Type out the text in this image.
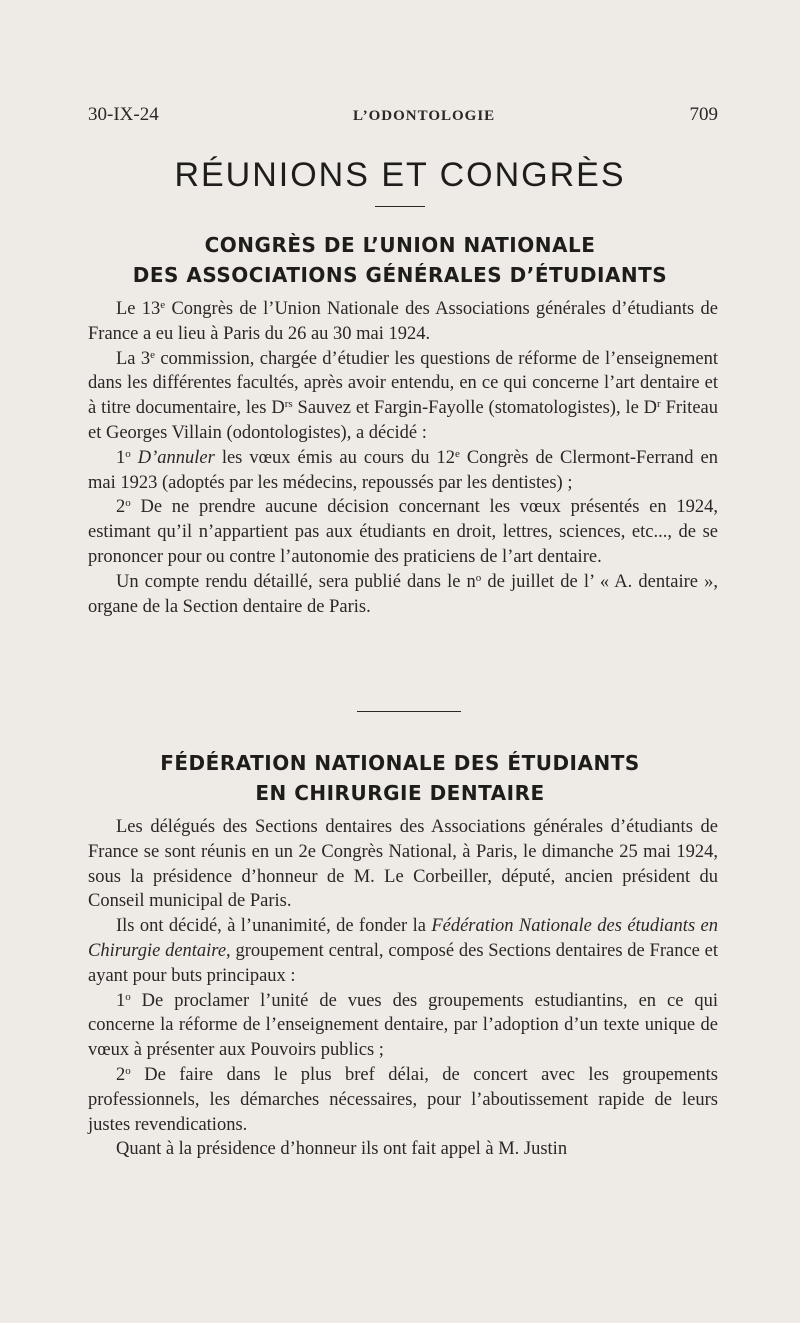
30-IX-24	L’ODONTOLOGIE	709
RÉUNIONS ET CONGRÈS
CONGRÈS DE L’UNION NATIONALE
DES ASSOCIATIONS GÉNÉRALES D’ÉTUDIANTS

Le 13e Congrès de l’Union Nationale des Associations générales d’étudiants de France a eu lieu à Paris du 26 au 30 mai 1924.

La 3e commission, chargée d’étudier les questions de réforme de l’enseignement dans les différentes facultés, après avoir entendu, en ce qui concerne l’art dentaire et à titre documentaire, les $D^{rs}$ Sauvez et Fargin-Fayolle (stomatologistes), le $D^r$ Friteau et Georges Villain (odontologistes), a décidé :

1$^o$ D’annuler les vœux émis au cours du 12e Congrès de Clermont-Ferrand en mai 1923 (adoptés par les médecins, repoussés par les dentistes) ;

2$^o$ De ne prendre aucune décision concernant les vœux présentés en 1924, estimant qu’il n’appartient pas aux étudiants en droit, lettres, sciences, etc..., de se prononcer pour ou contre l’autonomie des praticiens de l’art dentaire.

Un compte rendu détaillé, sera publié dans le $n^o$ de juillet de l’ « A. dentaire », organe de la Section dentaire de Paris.

FÉDÉRATION NATIONALE DES ÉTUDIANTS
EN CHIRURGIE DENTAIRE

Les délégués des Sections dentaires des Associations générales d’étudiants de France se sont réunis en un 2e Congrès National, à Paris, le dimanche 25 mai 1924, sous la présidence d’honneur de M. Le Corbeiller, député, ancien président du Conseil municipal de Paris.

Ils ont décidé, à l’unanimité, de fonder la Fédération Nationale des étudiants en Chirurgie dentaire, groupement central, composé des Sections dentaires de France et ayant pour buts principaux :

1$^o$ De proclamer l’unité de vues des groupements estudiantins, en ce qui concerne la réforme de l’enseignement dentaire, par l’adoption d’un texte unique de vœux à présenter aux Pouvoirs publics ;

2$^o$ De faire dans le plus bref délai, de concert avec les groupements professionnels, les démarches nécessaires, pour l’aboutissement rapide de leurs justes revendications.

Quant à la présidence d’honneur ils ont fait appel à M. Justin
